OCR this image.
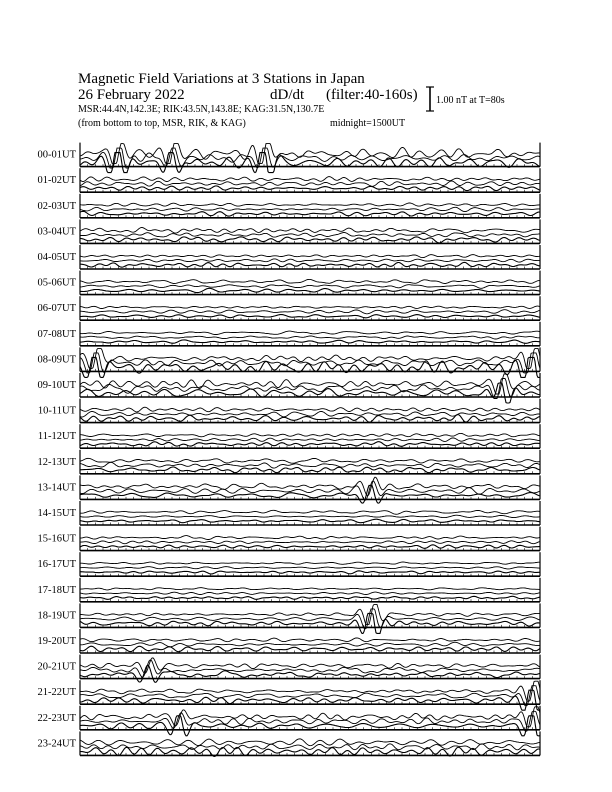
Magnetic Field Variations at 3 Stations in Japan
26 February 2022	dD/dt (filter:40-160s)
MSR:44.4N,142.3E; RIK:43.5N,143.8E; KAG:31.5N,130.7E
(from bottom to top, MSR, RIK, & KAG)	midnight=1500UT
1.00 nT at T=80s
00-01UT
01-02UT
02-03UT
03-04UT
04-05UT
05-06UT
06-07UT
07-08UT
08-09UT
09-10UT
10-11UT
11-12UT
12-13UT
13-14UT
14-15UT
15-16UT
16-17UT
17-18UT
18-19UT
19-20UT
20-21UT
21-22UT
22-23UT
23-24UT
